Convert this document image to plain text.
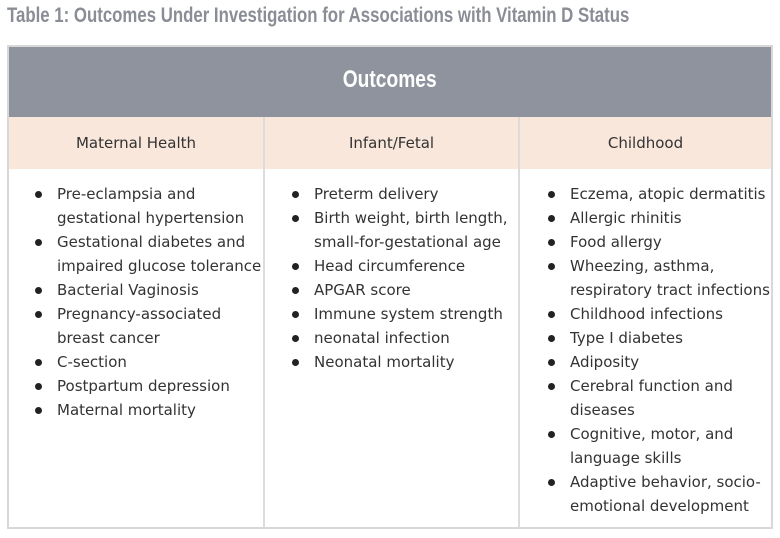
Table 1: Outcomes Under Investigation for Associations with Vitamin D Status
Outcomes
Maternal Health	Infant/Fetal	Childhood
Pre-eclampsia and gestational hypertension
Gestational diabetes and impaired glucose tolerance
Bacterial Vaginosis
Pregnancy-associated breast cancer
C-section
Postpartum depression
Maternal mortality
Preterm delivery
Birth weight, birth length, small-for-gestational age
Head circumference
APGAR score
Immune system strength
neonatal infection
Neonatal mortality
Eczema, atopic dermatitis
Allergic rhinitis
Food allergy
Wheezing, asthma, respiratory tract infections
Childhood infections
Type I diabetes
Adiposity
Cerebral function and diseases
Cognitive, motor, and language skills
Adaptive behavior, socio-emotional development
